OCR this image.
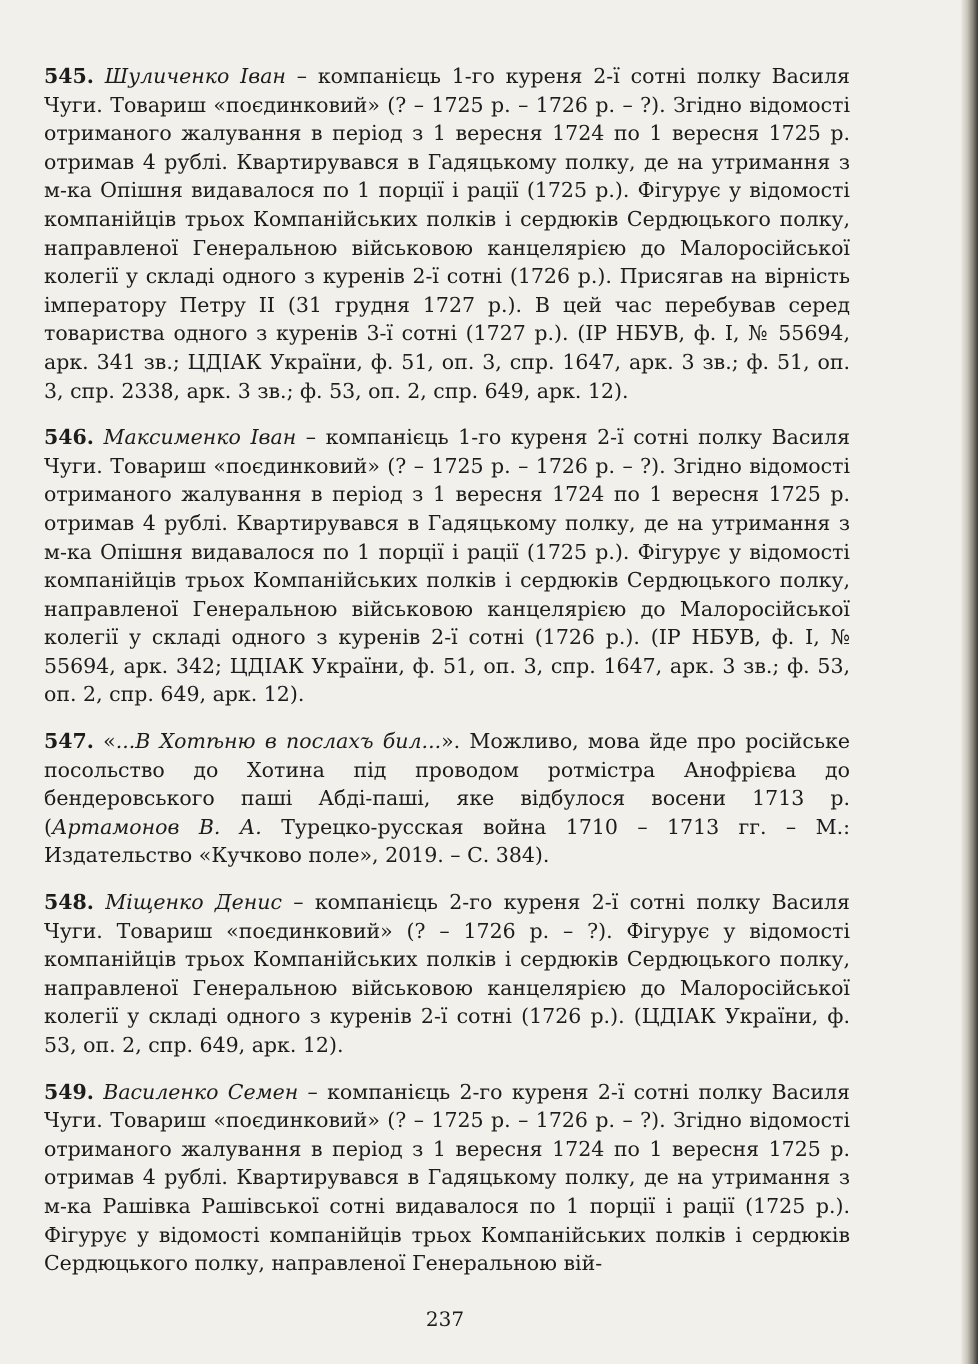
545. Шуличенко Іван – компанієць 1-го куреня 2-ї сотні полку Василя Чуги. Товариш «поєдинковий» (? – 1725 р. – 1726 р. – ?). Згідно відомості отриманого жалування в період з 1 вересня 1724 по 1 вересня 1725 р. отримав 4 рублі. Квартирувався в Гадяцькому полку, де на утримання з м-ка Опішня видавалося по 1 порції і рації (1725 р.). Фігурує у відомості компанійців трьох Компанійських полків і сердюків Сердюцького полку, направленої Генеральною військовою канцелярією до Малоросійської колегії у складі одного з куренів 2-ї сотні (1726 р.). Присягав на вірність імператору Петру ІІ (31 грудня 1727 р.). В цей час перебував серед товариства одного з куренів 3-ї сотні (1727 р.). (ІР НБУВ, ф. І, № 55694, арк. 341 зв.; ЦДІАК України, ф. 51, оп. 3, спр. 1647, арк. 3 зв.; ф. 51, оп. 3, спр. 2338, арк. 3 зв.; ф. 53, оп. 2, спр. 649, арк. 12).

546. Максименко Іван – компанієць 1-го куреня 2-ї сотні полку Василя Чуги. Товариш «поєдинковий» (? – 1725 р. – 1726 р. – ?). Згідно відомості отриманого жалування в період з 1 вересня 1724 по 1 вересня 1725 р. отримав 4 рублі. Квартирувався в Гадяцькому полку, де на утримання з м-ка Опішня видавалося по 1 порції і рації (1725 р.). Фігурує у відомості компанійців трьох Компанійських полків і сердюків Сердюцького полку, направленої Генеральною військовою канцелярією до Малоросійської колегії у складі одного з куренів 2-ї сотні (1726 р.). (ІР НБУВ, ф. І, № 55694, арк. 342; ЦДІАК України, ф. 51, оп. 3, спр. 1647, арк. 3 зв.; ф. 53, оп. 2, спр. 649, арк. 12).

547. «...В Хотѣню в послахъ бил...». Можливо, мова йде про російське посольство до Хотина під проводом ротмістра Анофрієва до бендеровського паші Абді-паші, яке відбулося восени 1713 р. (Артамонов В. А. Турецко-русская война 1710 – 1713 гг. – М.: Издательство «Кучково поле», 2019. – С. 384).

548. Міщенко Денис – компанієць 2-го куреня 2-ї сотні полку Василя Чуги. Товариш «поєдинковий» (? – 1726 р. – ?). Фігурує у відомості компанійців трьох Компанійських полків і сердюків Сердюцького полку, направленої Генеральною військовою канцелярією до Малоросійської колегії у складі одного з куренів 2-ї сотні (1726 р.). (ЦДІАК України, ф. 53, оп. 2, спр. 649, арк. 12).

549. Василенко Семен – компанієць 2-го куреня 2-ї сотні полку Василя Чуги. Товариш «поєдинковий» (? – 1725 р. – 1726 р. – ?). Згідно відомості отриманого жалування в період з 1 вересня 1724 по 1 вересня 1725 р. отримав 4 рублі. Квартирувався в Гадяцькому полку, де на утримання з м-ка Рашівка Рашівської сотні видавалося по 1 порції і рації (1725 р.). Фігурує у відомості компанійців трьох Компанійських полків і сердюків Сердюцького полку, направленої Генеральною вій-

237
